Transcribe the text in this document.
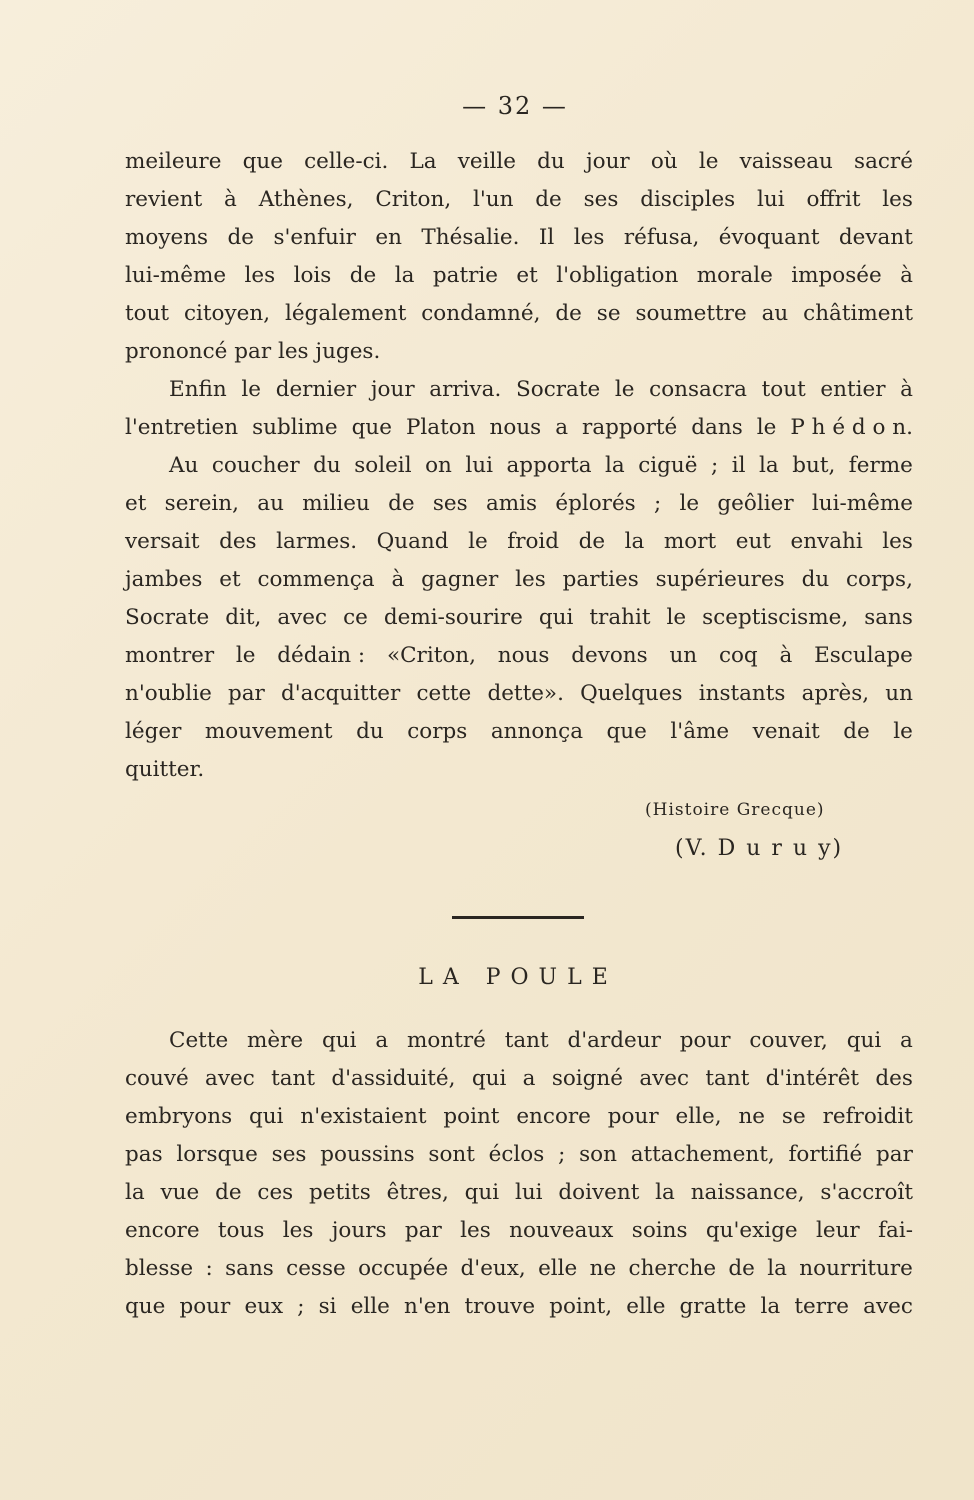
— 32 —
meileure que celle-ci. La veille du jour où le vaisseau sacré
revient à Athènes, Criton, l'un de ses disciples lui offrit les
moyens de s'enfuir en Thésalie. Il les réfusa, évoquant devant
lui-même les lois de la patrie et l'obligation morale imposée à
tout citoyen, légalement condamné, de se soumettre au châtiment
prononcé
par
les
juges.
Enfin le dernier jour arriva. Socrate le consacra tout entier à
l'entretien sublime que Platon nous a rapporté dans le P h é d o n.
Au coucher du soleil on lui apporta la ciguë ; il la but, ferme
et serein, au milieu de ses amis éplorés ; le geôlier lui-même
versait des larmes. Quand le froid de la mort eut envahi les
jambes et commença à gagner les parties supérieures du corps,
Socrate dit, avec ce demi-sourire qui trahit le sceptiscisme, sans
montrer le dédain : «Criton, nous devons un coq à Esculape
n'oublie par d'acquitter cette dette». Quelques instants après, un
léger mouvement du corps annonça que l'âme venait de le
quitter.
(Histoire Grecque)
(V. D u r u y)
LA POULE
Cette mère qui a montré tant d'ardeur pour couver, qui a
couvé avec tant d'assiduité, qui a soigné avec tant d'intérêt des
embryons qui n'existaient point encore pour elle, ne se refroidit
pas lorsque ses poussins sont éclos ; son attachement, fortifié par
la vue de ces petits êtres, qui lui doivent la naissance, s'accroît
encore tous les jours par les nouveaux soins qu'exige leur fai-
blesse : sans cesse occupée d'eux, elle ne cherche de la nourriture
que pour eux ; si elle n'en trouve point, elle gratte la terre avec
